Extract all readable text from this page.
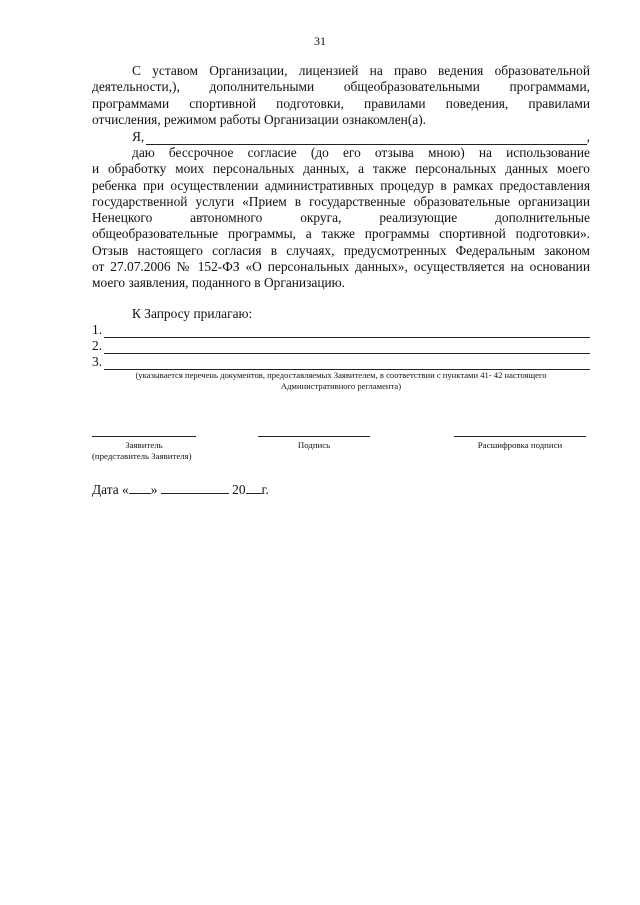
31
С уставом Организации, лицензией на право ведения образовательной
деятельности,), дополнительными общеобразовательными программами,
программами спортивной подготовки, правилами поведения, правилами
отчисления, режимом работы Организации ознакомлен(а).
Я,	,
даю бессрочное согласие (до его отзыва мною) на использование
и обработку моих персональных данных, а также персональных данных моего
ребенка при осуществлении административных процедур в рамках предоставления
государственной услуги «Прием в государственные образовательные организации
Ненецкого автономного округа, реализующие дополнительные
общеобразовательные программы, а также программы спортивной подготовки».
Отзыв настоящего согласия в случаях, предусмотренных Федеральным законом
от 27.07.2006 № 152-ФЗ «О персональных данных», осуществляется на основании
моего заявления, поданного в Организацию.
К Запросу прилагаю:
1.
2.
3.
(указывается перечень документов, предоставляемых Заявителем, в соответствии с пунктами 41- 42 настоящего
Административного регламента)
Заявитель
(представитель Заявителя)
Подпись	Расшифровка подписи
Дата « »	20 г.
